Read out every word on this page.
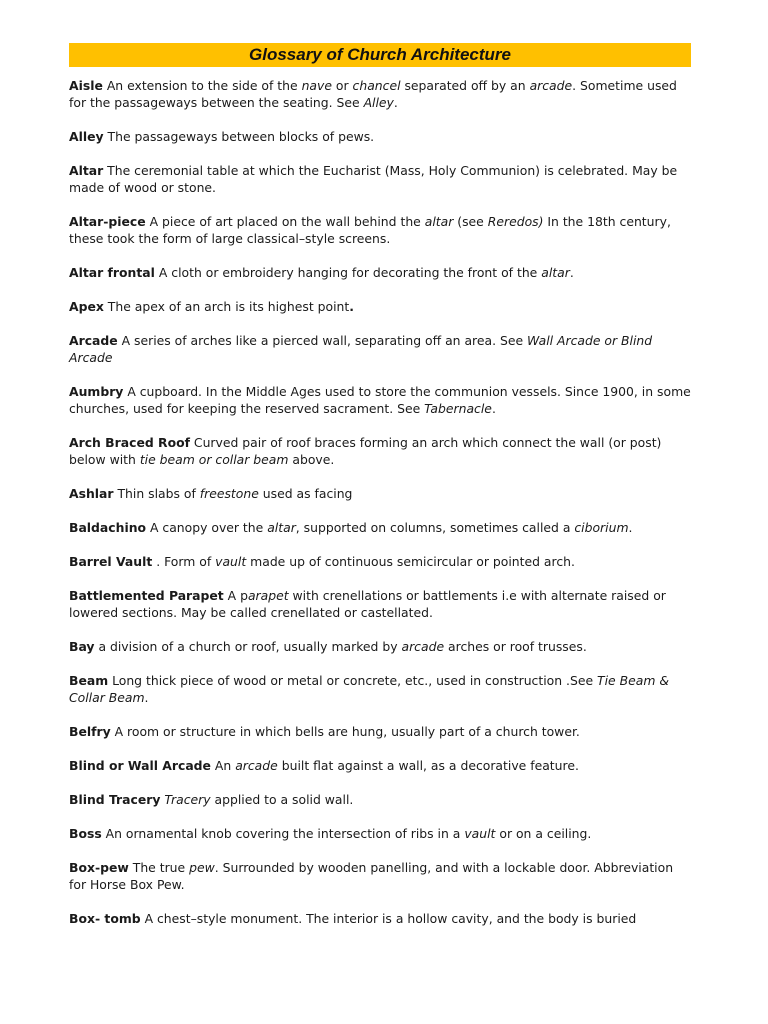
Glossary of Church Architecture

Aisle An extension to the side of the nave or chancel separated off by an arcade. Sometime used for the passageways between the seating. See Alley.

Alley The passageways between blocks of pews.

Altar The ceremonial table at which the Eucharist (Mass, Holy Communion) is celebrated. May be made of wood or stone.

Altar-piece A piece of art placed on the wall behind the altar (see Reredos) In the 18th century, these took the form of large classical–style screens.

Altar frontal A cloth or embroidery hanging for decorating the front of the altar.

Apex The apex of an arch is its highest point.

Arcade A series of arches like a pierced wall, separating off an area. See Wall Arcade or Blind Arcade

Aumbry A cupboard. In the Middle Ages used to store the communion vessels. Since 1900, in some churches, used for keeping the reserved sacrament. See Tabernacle.

Arch Braced Roof Curved pair of roof braces forming an arch which connect the wall (or post) below with tie beam or collar beam above.

Ashlar Thin slabs of freestone used as facing

Baldachino A canopy over the altar, supported on columns, sometimes called a ciborium.

Barrel Vault . Form of vault made up of continuous semicircular or pointed arch.

Battlemented Parapet A parapet with crenellations or battlements i.e with alternate raised or lowered sections. May be called crenellated or castellated.

Bay a division of a church or roof, usually marked by arcade arches or roof trusses.

Beam Long thick piece of wood or metal or concrete, etc., used in construction .See Tie Beam & Collar Beam.

Belfry A room or structure in which bells are hung, usually part of a church tower.

Blind or Wall Arcade An arcade built flat against a wall, as a decorative feature.

Blind Tracery Tracery applied to a solid wall.

Boss An ornamental knob covering the intersection of ribs in a vault or on a ceiling.

Box-pew The true pew. Surrounded by wooden panelling, and with a lockable door. Abbreviation for Horse Box Pew.

Box- tomb A chest–style monument. The interior is a hollow cavity, and the body is buried
